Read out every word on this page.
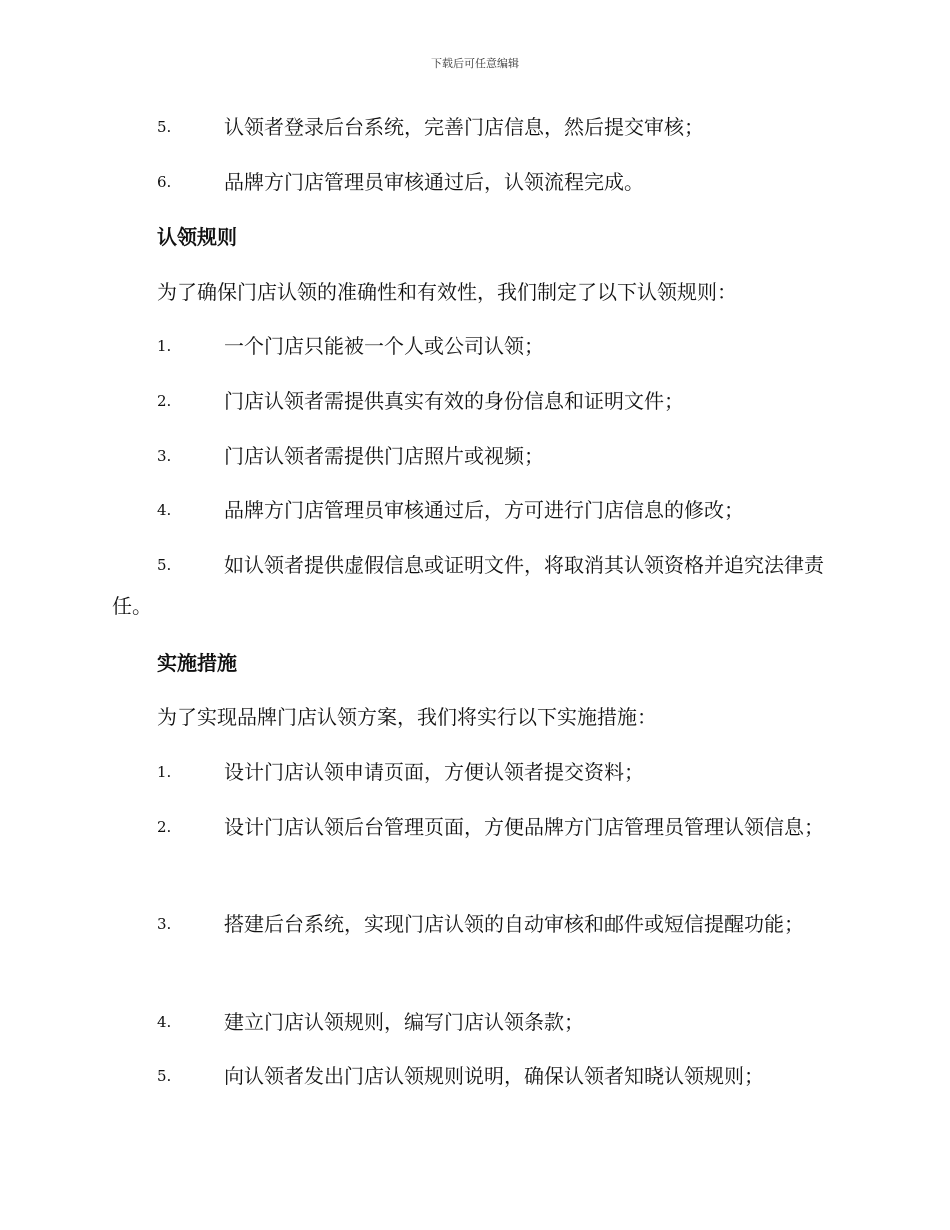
下载后可任意编辑
5.	认领者登录后台系统，完善门店信息，然后提交审核；
6.	品牌方门店管理员审核通过后，认领流程完成。
认领规则
为了确保门店认领的准确性和有效性，我们制定了以下认领规则：
1.	一个门店只能被一个人或公司认领；
2.	门店认领者需提供真实有效的身份信息和证明文件；
3.	门店认领者需提供门店照片或视频；
4.	品牌方门店管理员审核通过后，方可进行门店信息的修改；
5.	如认领者提供虚假信息或证明文件，将取消其认领资格并追究法律责任。
实施措施
为了实现品牌门店认领方案，我们将实行以下实施措施：
1.	设计门店认领申请页面，方便认领者提交资料；
2.	设计门店认领后台管理页面，方便品牌方门店管理员管理认领信息；
3.	搭建后台系统，实现门店认领的自动审核和邮件或短信提醒功能；
4.	建立门店认领规则，编写门店认领条款；
5.	向认领者发出门店认领规则说明，确保认领者知晓认领规则；
